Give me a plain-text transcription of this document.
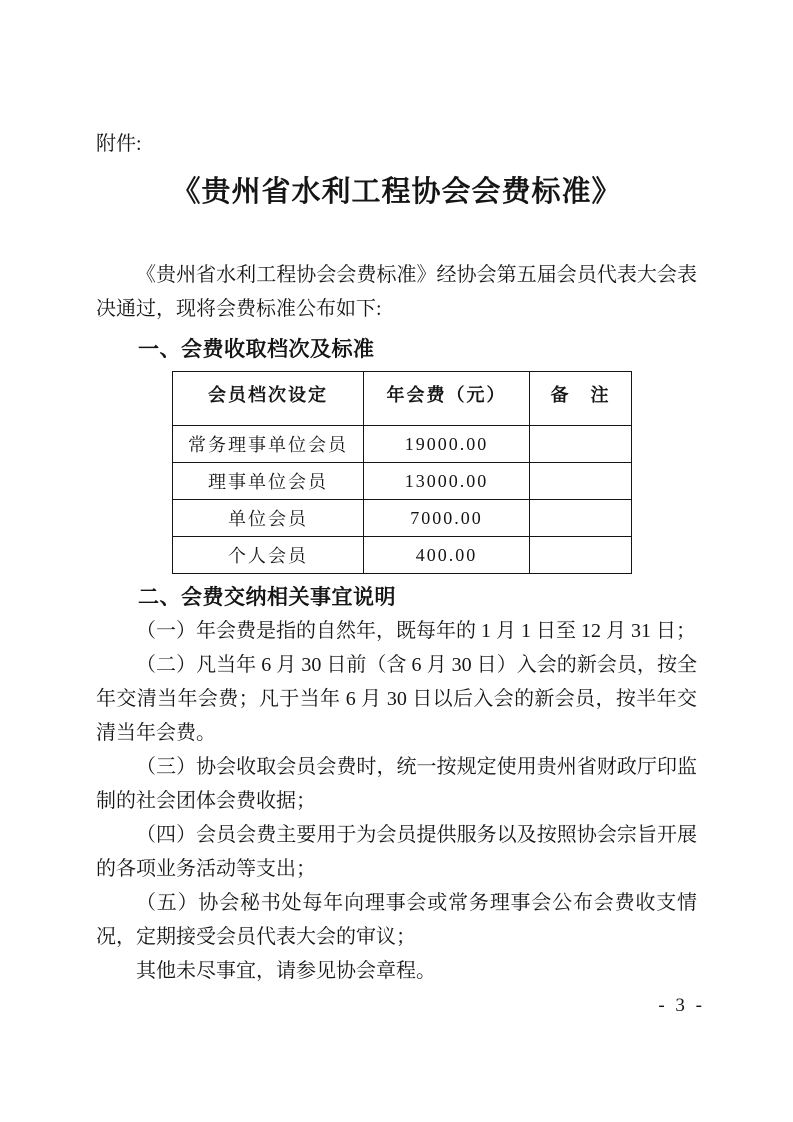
附件:
《贵州省水利工程协会会费标准》

《贵州省水利工程协会会费标准》经协会第五届会员代表大会表决通过，现将会费标准公布如下:

一、会费收取档次及标准
会员档次设定	年会费（元）	备　注
常务理事单位会员	19000.00	
理事单位会员	13000.00	
单位会员	7000.00	
个人会员	400.00	
二、会费交纳相关事宜说明

（一）年会费是指的自然年，既每年的 1 月 1 日至 12 月 31 日；

（二）凡当年 6 月 30 日前（含 6 月 30 日）入会的新会员，按全年交清当年会费；凡于当年 6 月 30 日以后入会的新会员，按半年交清当年会费。

（三）协会收取会员会费时，统一按规定使用贵州省财政厅印监制的社会团体会费收据；

（四）会员会费主要用于为会员提供服务以及按照协会宗旨开展的各项业务活动等支出；

（五）协会秘书处每年向理事会或常务理事会公布会费收支情况，定期接受会员代表大会的审议；

其他未尽事宜，请参见协会章程。

- 3 -
